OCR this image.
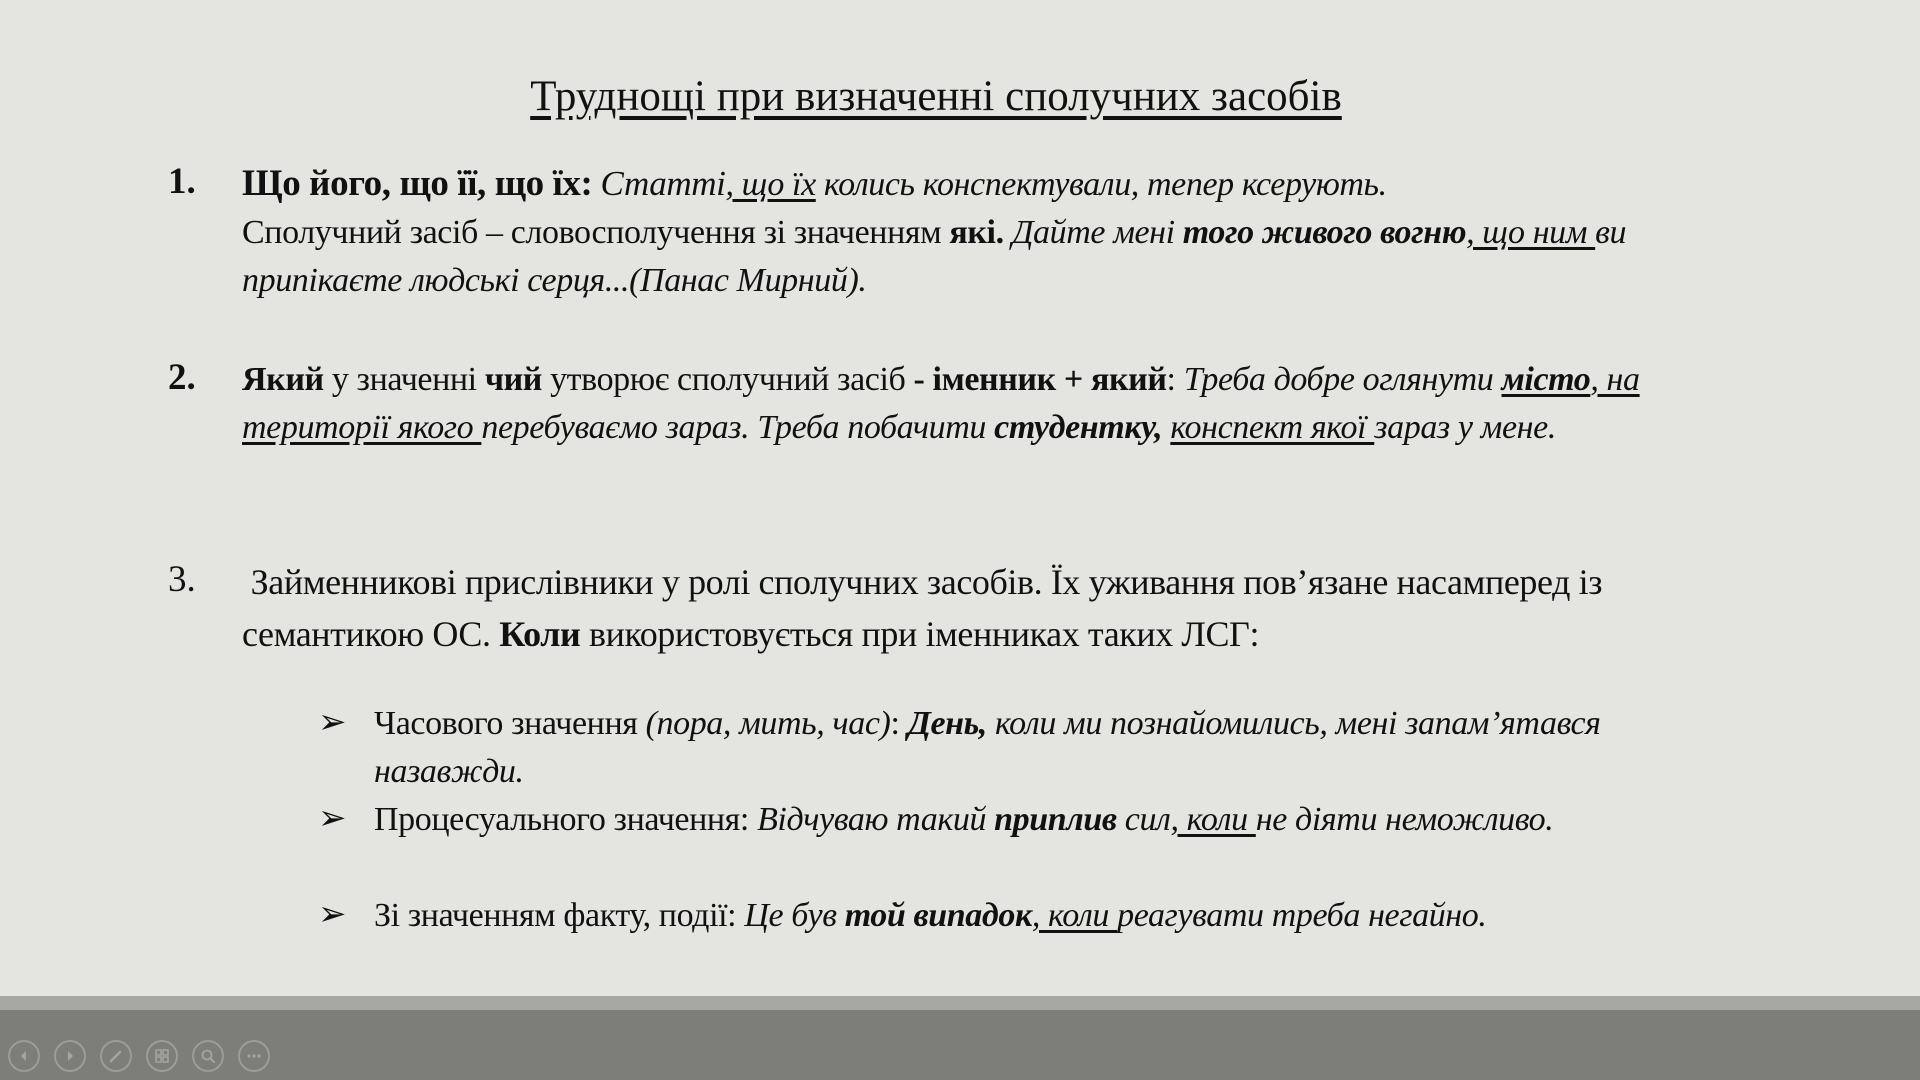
Труднощі при визначенні сполучних засобів
1. Що його, що її, що їх: Статті, що їх колись конспектували, тепер ксерують.
Сполучний засіб – словосполучення зі значенням які. Дайте мені того живого вогню, що ним ви припікаєте людські серця...(Панас Мирний).
2. Який у значенні чий утворює сполучний засіб - іменник + який: Треба добре оглянути місто, на території якого перебуваємо зараз. Треба побачити студентку, конспект якої зараз у мене.
3. Займенникові прислівники у ролі сполучних засобів. Їх уживання пов’язане насамперед із семантикою ОС. Коли використовується при іменниках таких ЛСГ:
➢ Часового значення (пора, мить, час): День, коли ми познайомились, мені запам’ятався назавжди.
➢ Процесуального значення: Відчуваю такий приплив сил, коли не діяти неможливо.
➢ Зі значенням факту, події: Це був той випадок, коли реагувати треба негайно.
